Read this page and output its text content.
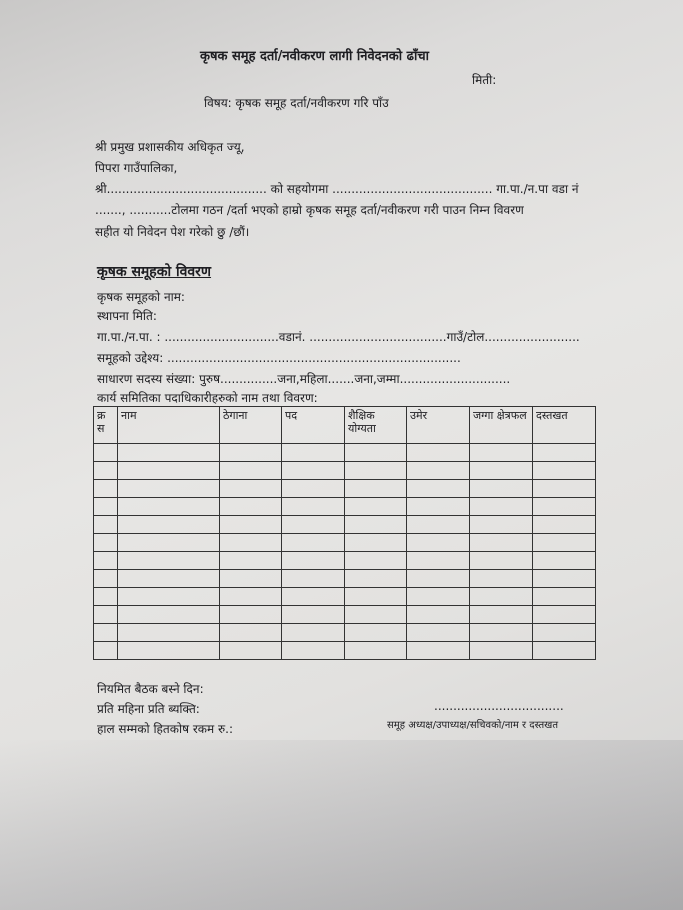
कृषक समूह दर्ता/नवीकरण लागी निवेदनको ढाँचा
मिती:
विषय: कृषक समूह दर्ता/नवीकरण गरि पाँउ
श्री प्रमुख प्रशासकीय अधिकृत ज्यू,
पिपरा गाउँपालिका,
श्री.......................................... को सहयोगमा .......................................... गा.पा./न.पा वडा नं
......., ...........टोलमा गठन /दर्ता भएको हाम्रो कृषक समूह दर्ता/नवीकरण गरी पाउन निम्न विवरण
सहीत यो निवेदन पेश गरेको छु /छौं।
कृषक समूहको विवरण
कृषक समूहको नाम:
स्थापना मिति:
गा.पा./न.पा. : ..............................वडानं. ....................................गाउँ/टोल.........................
समूहको उद्देश्य: .............................................................................
साधारण सदस्य संख्या: पुरुष...............जना,महिला.......जना,जम्मा.............................
कार्य समितिका पदाधिकारीहरुको नाम तथा विवरण:
क्र स	नाम	ठेगाना	पद	शैक्षिक योग्यता	उमेर	जग्गा क्षेत्रफल	दस्तखत

नियमित बैठक बस्ने दिन:
प्रति महिना प्रति ब्यक्ति:
हाल सम्मको हितकोष रकम रु.:
..................................
समूह अध्यक्ष/उपाध्यक्ष/सचिवको/नाम र दस्तखत
